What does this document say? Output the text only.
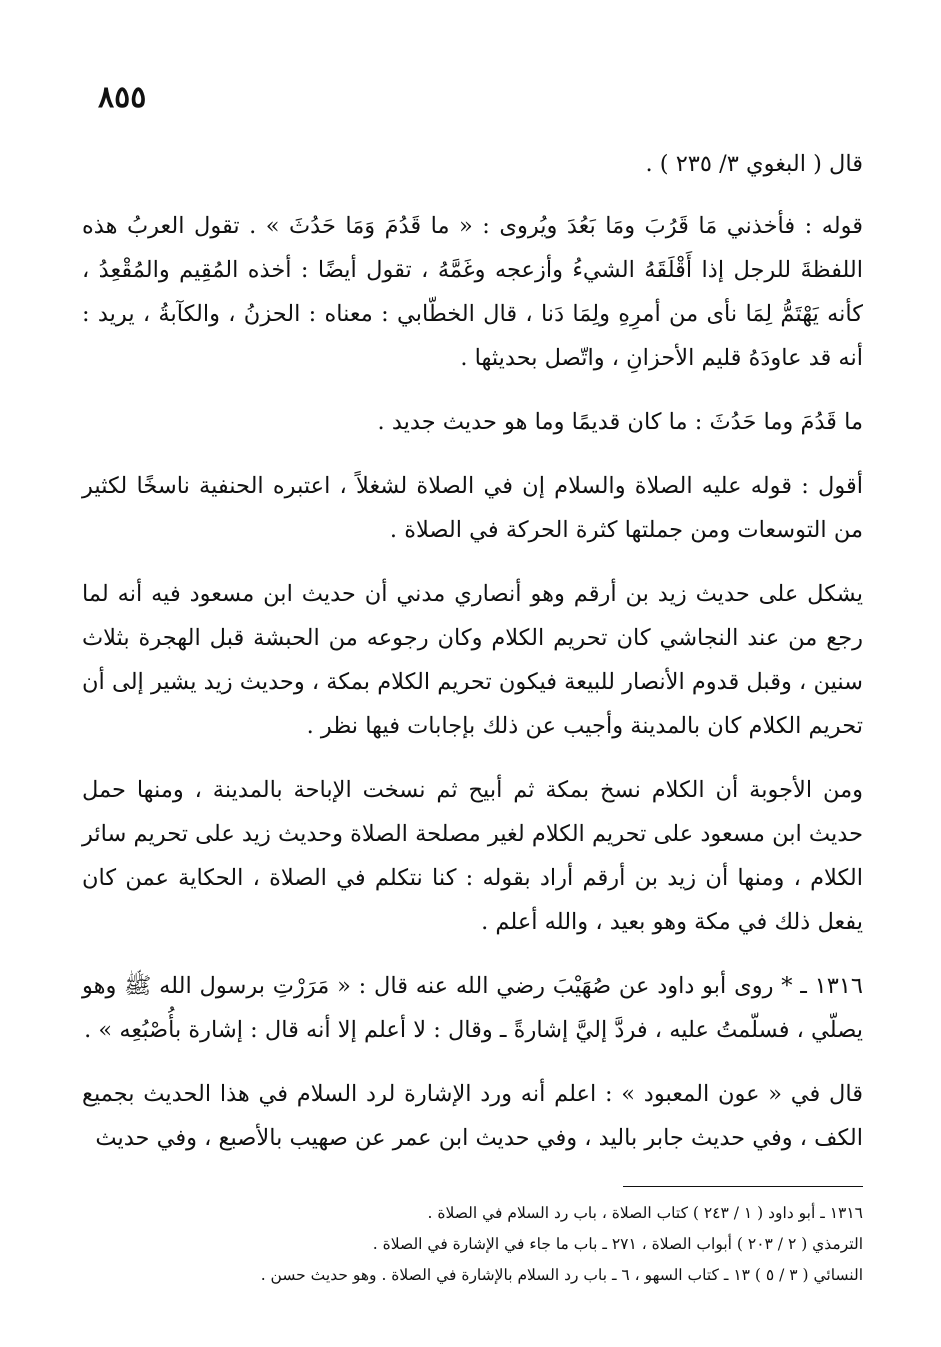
٨٥٥

قال ( البغوي ٣/ ٢٣٥ ) .

قوله : فأخذني مَا قَرُبَ ومَا بَعُدَ ويُروى : « ما قَدُمَ وَمَا حَدُثَ » . تقول العربُ هذه اللفظةَ للرجل إذا أَقْلَقَهُ الشيءُ وأزعجه وغَمَّهُ ، تقول أيضًا : أخذه المُقِيم والمُقْعِدُ ، كأنه يَهْتَمُّ لِمَا نأى من أمرِهِ ولِمَا دَنا ، قال الخطّابي : معناه : الحزنُ ، والكآبةُ ، يريد : أنه قد عاودَهُ قليم الأحزانِ ، واتّصل بحديثها .

ما قَدُمَ وما حَدُثَ : ما كان قديمًا وما هو حديث جديد .

أقول : قوله عليه الصلاة والسلام إن في الصلاة لشغلاً ، اعتبره الحنفية ناسخًا لكثير من التوسعات ومن جملتها كثرة الحركة في الصلاة .

يشكل على حديث زيد بن أرقم وهو أنصاري مدني أن حديث ابن مسعود فيه أنه لما رجع من عند النجاشي كان تحريم الكلام وكان رجوعه من الحبشة قبل الهجرة بثلاث سنين ، وقبل قدوم الأنصار للبيعة فيكون تحريم الكلام بمكة ، وحديث زيد يشير إلى أن تحريم الكلام كان بالمدينة وأجيب عن ذلك بإجابات فيها نظر .

ومن الأجوبة أن الكلام نسخ بمكة ثم أبيح ثم نسخت الإباحة بالمدينة ، ومنها حمل حديث ابن مسعود على تحريم الكلام لغير مصلحة الصلاة وحديث زيد على تحريم سائر الكلام ، ومنها أن زيد بن أرقم أراد بقوله : كنا نتكلم في الصلاة ، الحكاية عمن كان يفعل ذلك في مكة وهو بعيد ، والله أعلم .

١٣١٦ ـ * روى أبو داود عن صُهَيْبَ رضي الله عنه قال : « مَرَرْتِ برسول الله ﷺ وهو يصلّي ، فسلّمتُ عليه ، فردَّ إليَّ إشارةً ـ وقال : لا أعلم إلا أنه قال : إشارة بأُصْبُعِه » .

قال في « عون المعبود » : اعلم أنه ورد الإشارة لرد السلام في هذا الحديث بجميع الكف ، وفي حديث جابر باليد ، وفي حديث ابن عمر عن صهيب بالأصبع ، وفي حديث

١٣١٦ ـ أبو داود ( ١ / ٢٤٣ ) كتاب الصلاة ، باب رد السلام في الصلاة .

الترمذي ( ٢ / ٢٠٣ ) أبواب الصلاة ، ٢٧١ ـ باب ما جاء في الإشارة في الصلاة .

النسائي ( ٣ / ٥ ) ١٣ ـ كتاب السهو ، ٦ ـ باب رد السلام بالإشارة في الصلاة . وهو حديث حسن .
